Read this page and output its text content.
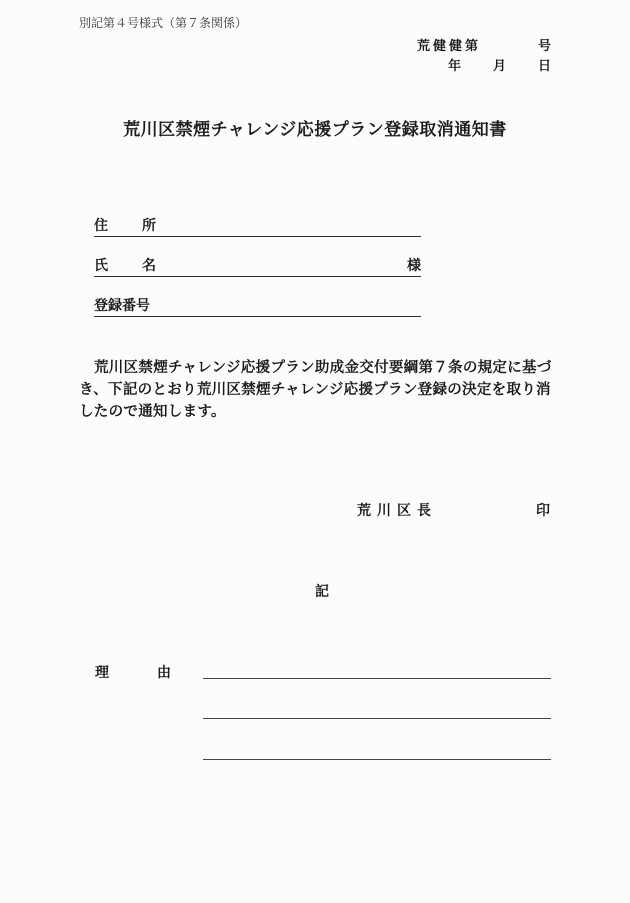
別記第４号様式（第７条関係）
荒健健第	号
年 月 日
荒川区禁煙チャレンジ応援プラン登録取消通知書
住 所
氏 名	様
登録番号
荒川区禁煙チャレンジ応援プラン助成金交付要綱第７条の規定に基づき、下記のとおり荒川区禁煙チャレンジ応援プラン登録の決定を取り消したので通知します。
荒川区長	印
記
理	由
